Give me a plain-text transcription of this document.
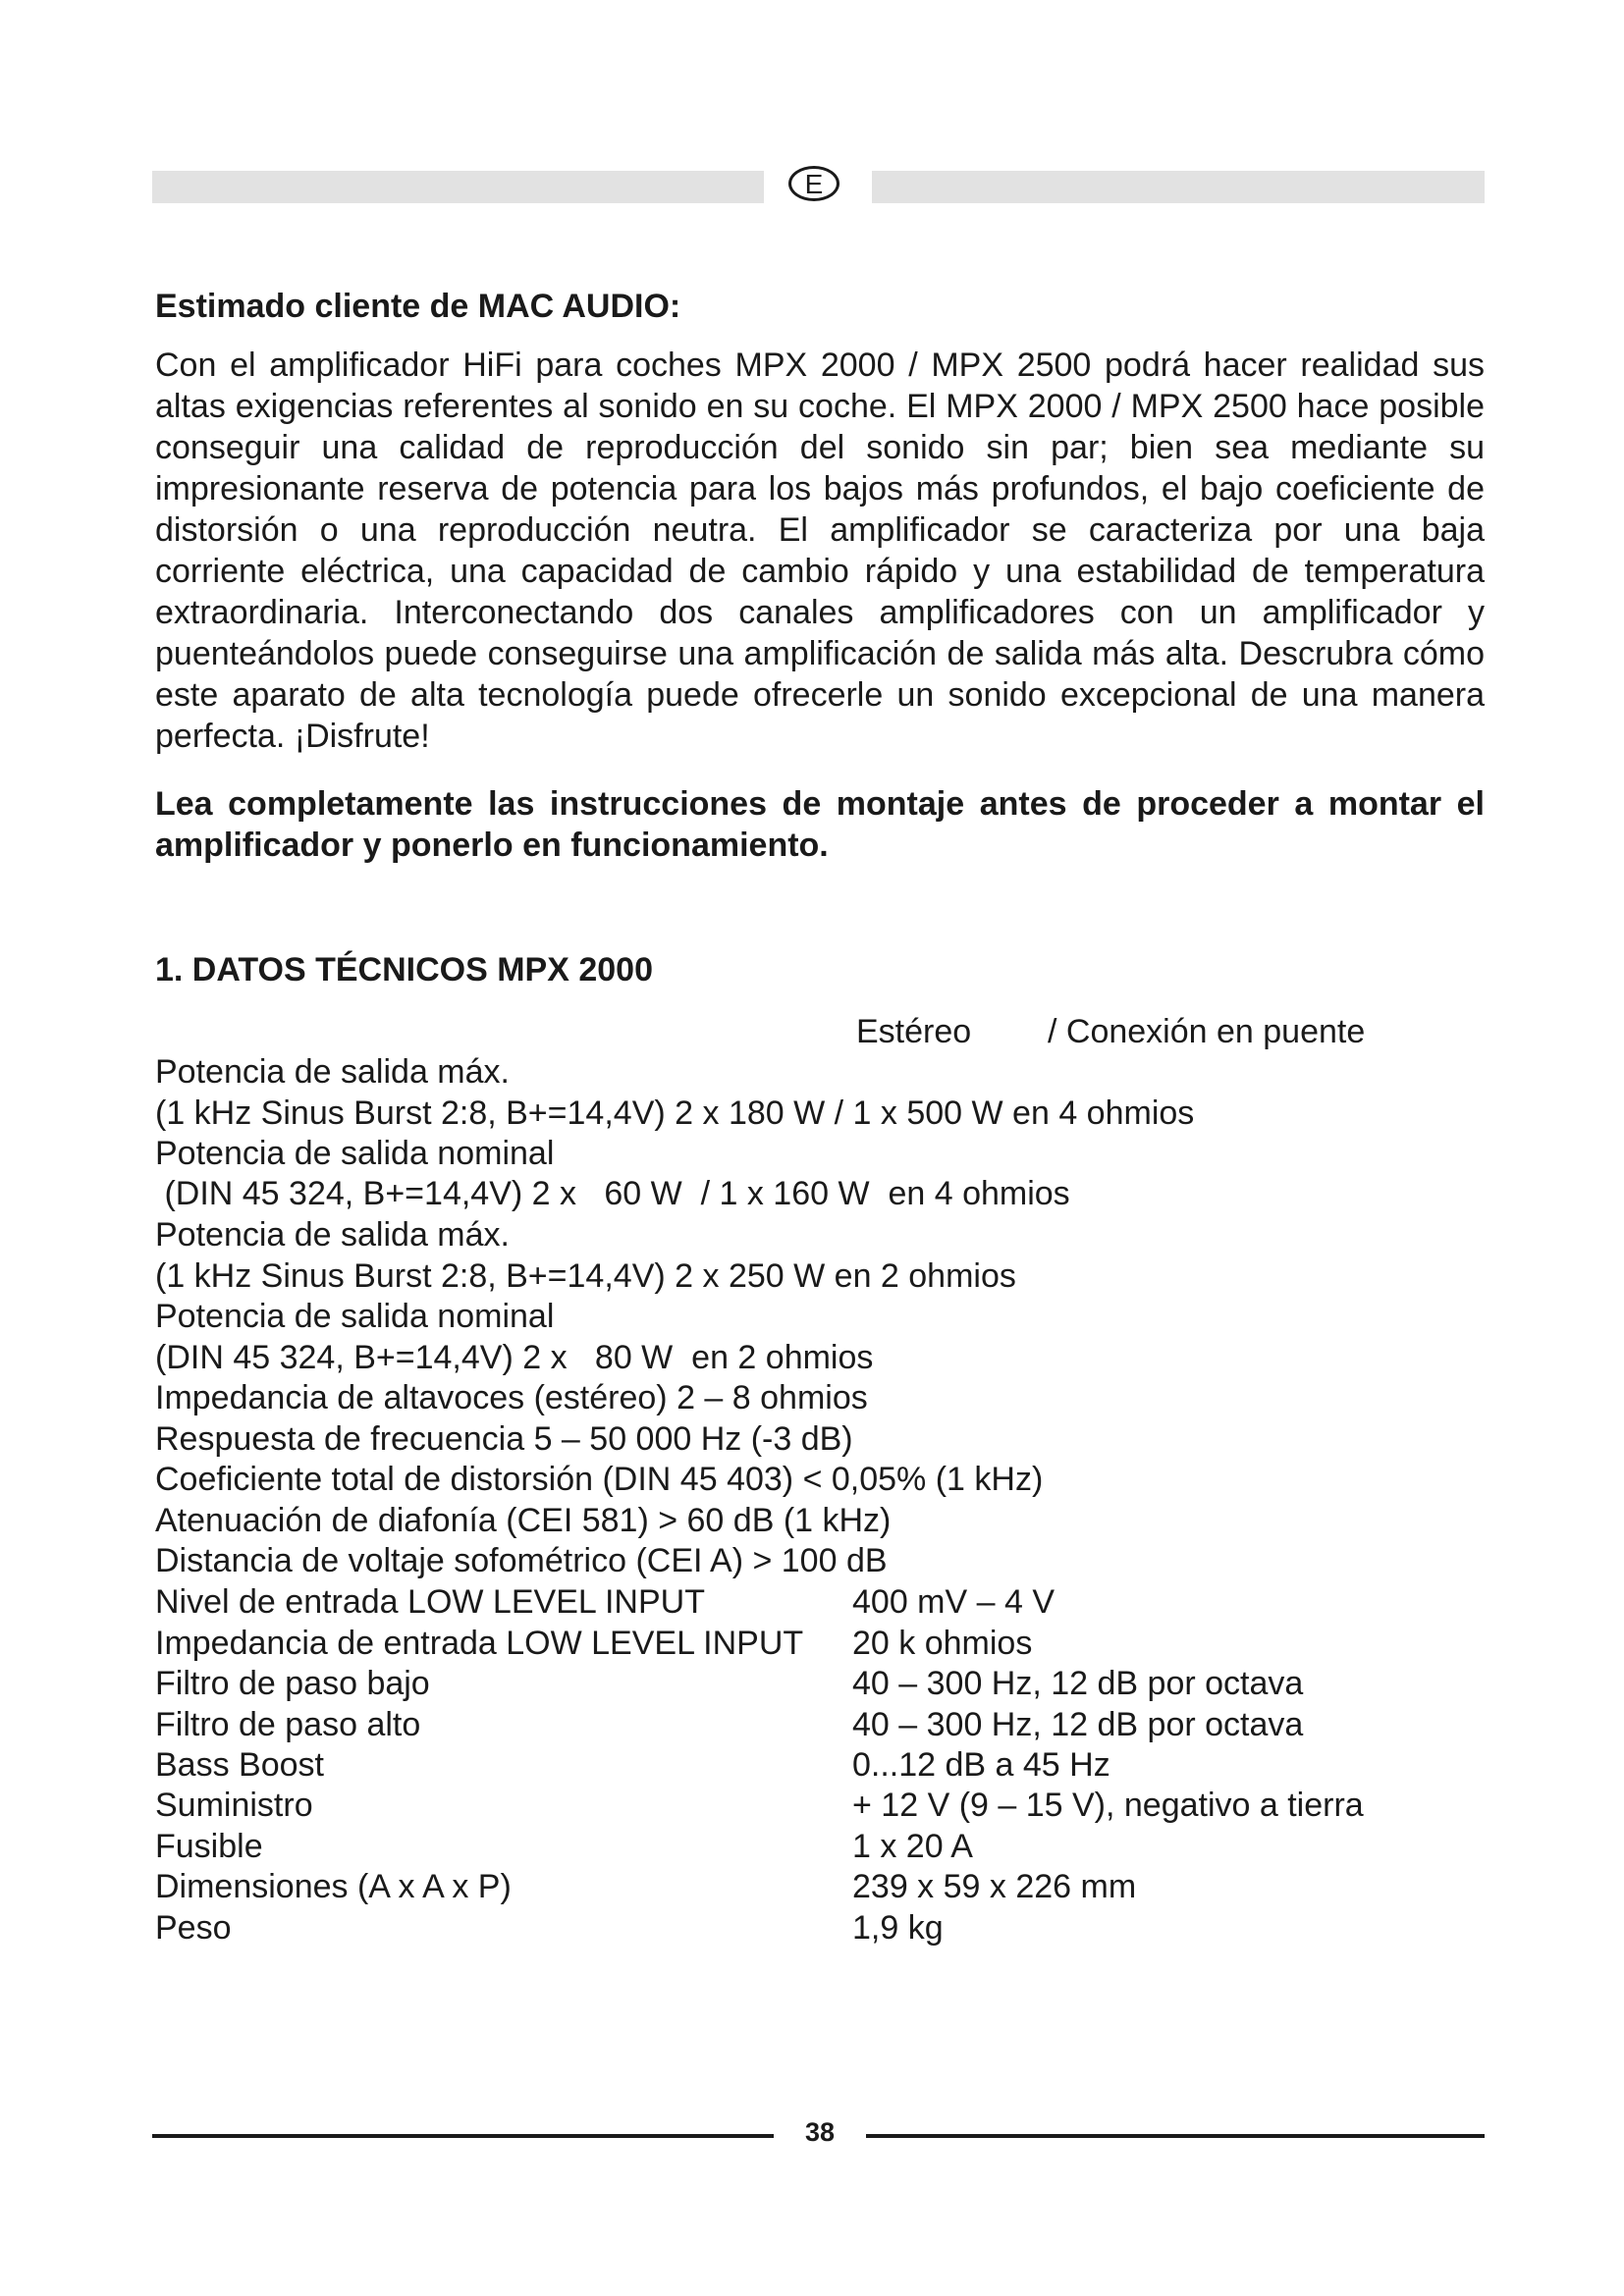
E
Estimado cliente de MAC AUDIO:
Con el amplificador HiFi para coches MPX 2000 / MPX 2500 podrá hacer realidad sus
altas exigencias referentes al sonido en su coche. El MPX 2000 / MPX 2500 hace posible
conseguir una calidad de reproducción del sonido sin par; bien sea mediante su
impresionante reserva de potencia para los bajos más profundos, el bajo coeficiente de
distorsión o una reproducción neutra. El amplificador se caracteriza por una baja
corriente eléctrica, una capacidad de cambio rápido y una estabilidad de temperatura
extraordinaria. Interconectando dos canales amplificadores con un amplificador y
puenteándolos puede conseguirse una amplificación de salida más alta. Descrubra cómo
este aparato de alta tecnología puede ofrecerle un sonido excepcional de una manera
perfecta. ¡Disfrute!
Lea completamente las instrucciones de montaje antes de proceder a montar el
amplificador y ponerlo en funcionamiento.
1. DATOS TÉCNICOS MPX 2000
Estéreo / Conexión en puente
Potencia de salida máx.
(1 kHz Sinus Burst 2:8, B+=14,4V) 2 x 180 W / 1 x 500 W en 4 ohmios
Potencia de salida nominal
(DIN 45 324, B+=14,4V) 2 x   60 W  / 1 x 160 W  en 4 ohmios
Potencia de salida máx.
(1 kHz Sinus Burst 2:8, B+=14,4V) 2 x 250 W en 2 ohmios
Potencia de salida nominal
(DIN 45 324, B+=14,4V) 2 x   80 W  en 2 ohmios
Impedancia de altavoces (estéreo) 2 – 8 ohmios
Respuesta de frecuencia 5 – 50 000 Hz (-3 dB)
Coeficiente total de distorsión (DIN 45 403) < 0,05% (1 kHz)
Atenuación de diafonía (CEI 581) > 60 dB (1 kHz)
Distancia de voltaje sofométrico (CEI A) > 100 dB
Nivel de entrada LOW LEVEL INPUT	400 mV – 4 V
Impedancia de entrada LOW LEVEL INPUT 20 k ohmios
Filtro de paso bajo	40 – 300 Hz, 12 dB por octava
Filtro de paso alto	40 – 300 Hz, 12 dB por octava
Bass Boost	0...12 dB a 45 Hz
Suministro	+ 12 V (9 – 15 V), negativo a tierra
Fusible	1 x 20 A
Dimensiones (A x A x P)	239 x 59 x 226 mm
Peso	1,9 kg
38
